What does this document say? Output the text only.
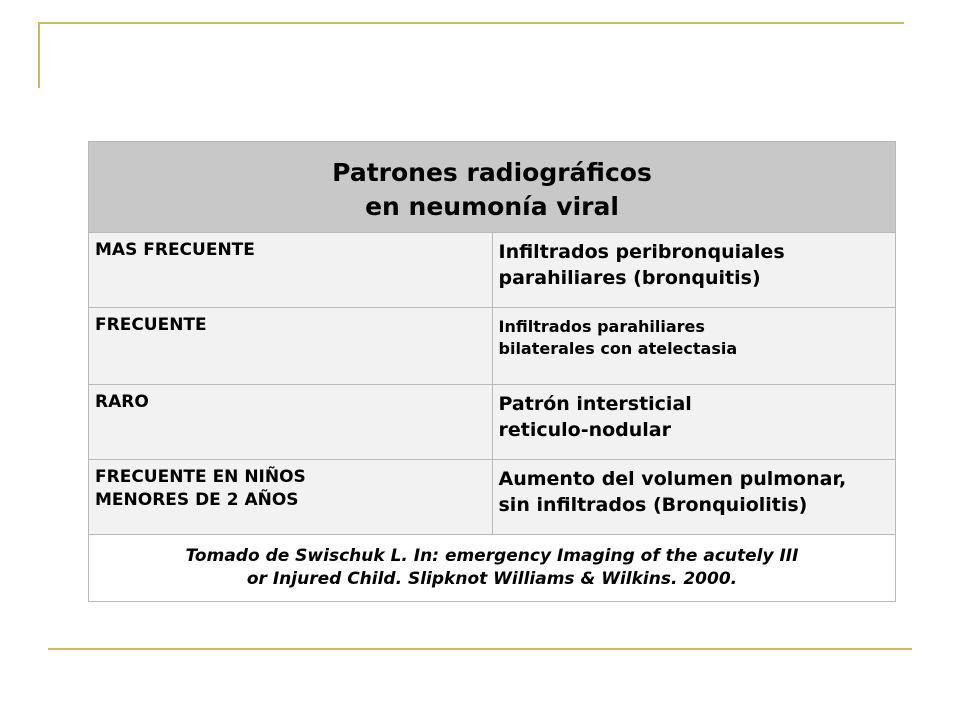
Patrones radiográficos
en neumonía viral	

MAS FRECUENTE	Infiltrados peribronquiales
parahiliares (bronquitis)

FRECUENTE	Infiltrados parahiliares
bilaterales con atelectasia

RARO	Patrón intersticial
reticulo-nodular

FRECUENTE EN NIÑOS
MENORES DE 2 AÑOS	Aumento del volumen pulmonar,
sin infiltrados (Bronquiolitis)

Tomado de Swischuk L. In: emergency Imaging of the acutely III
or Injured Child. Slipknot Williams & Wilkins. 2000.	
